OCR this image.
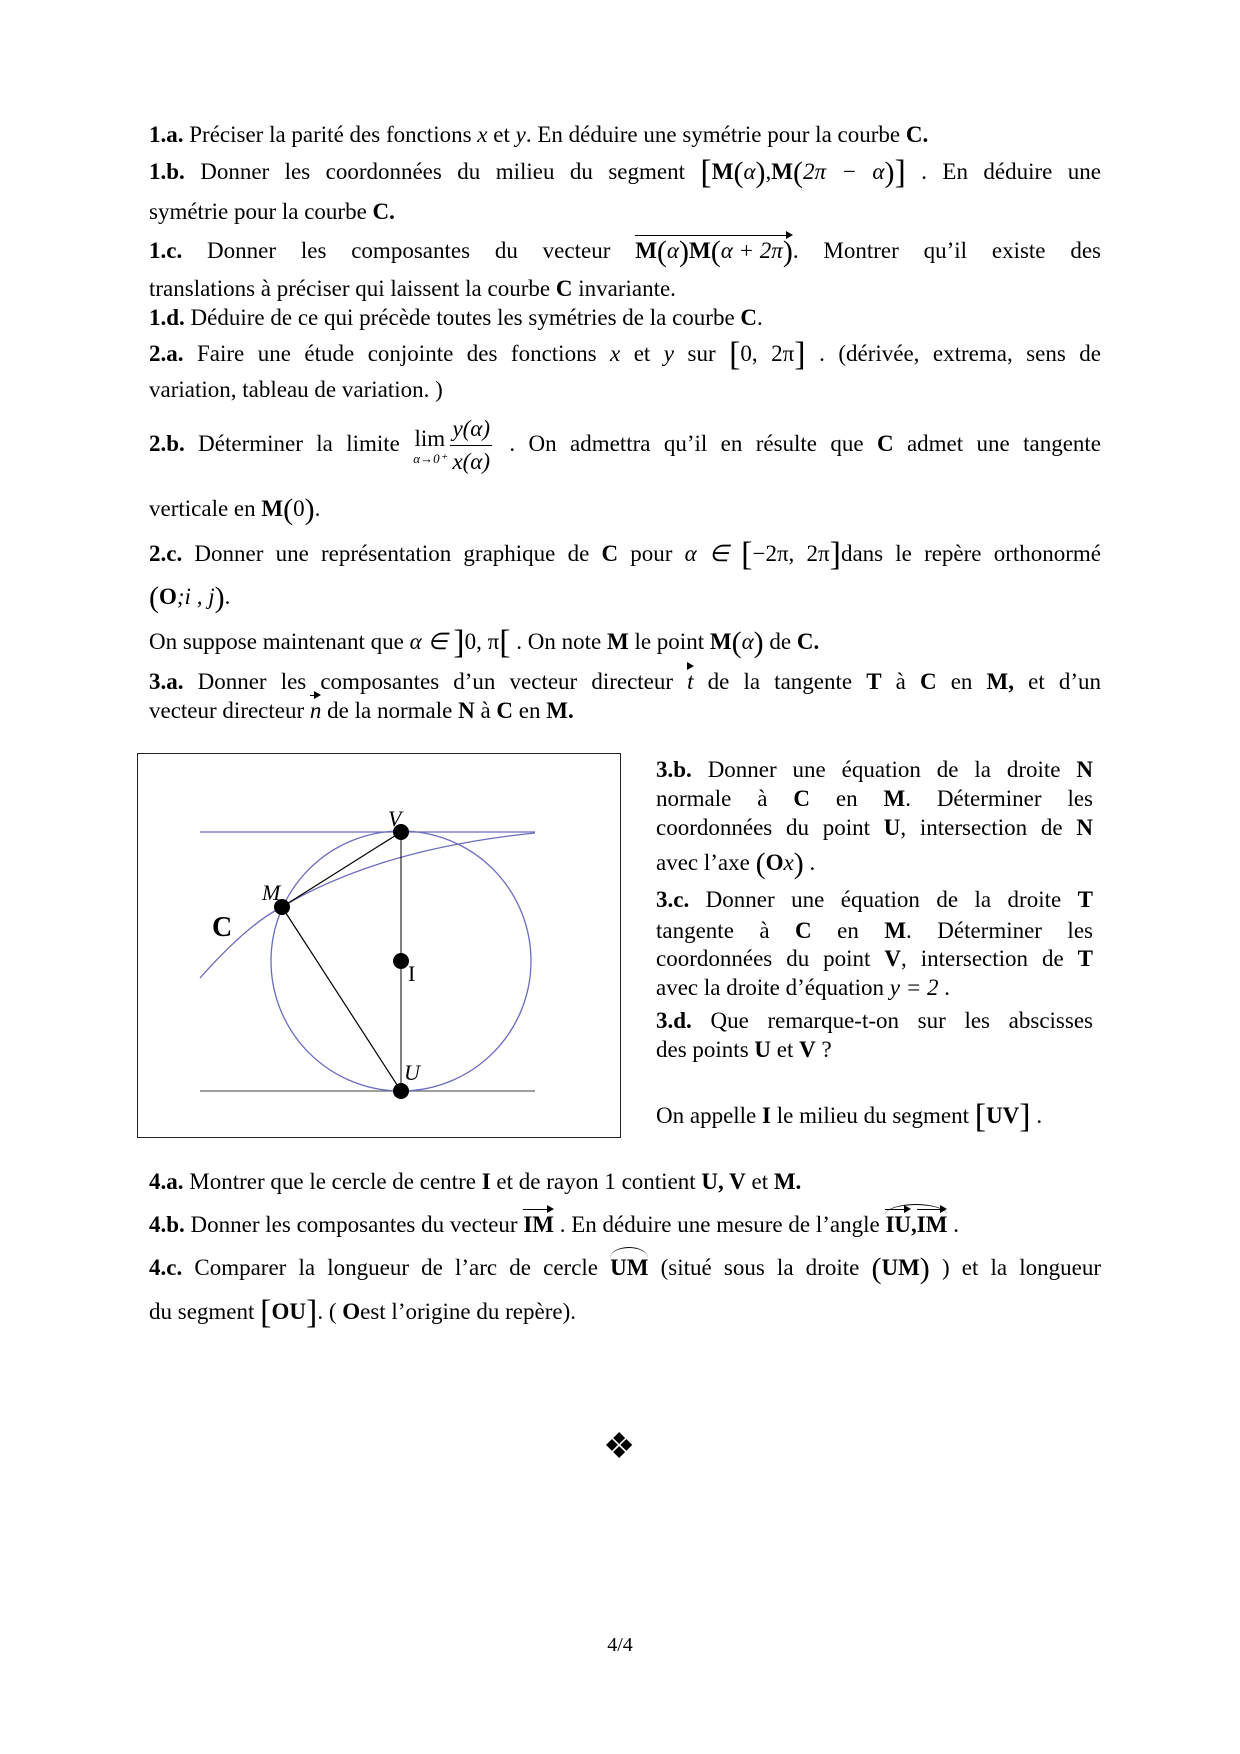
1.a. Préciser la parité des fonctions x et y. En déduire une symétrie pour la courbe C.
1.b. Donner les coordonnées du milieu du segment [M(α),M(2π − α)] . En déduire une
symétrie pour la courbe C.
1.c. Donner les composantes du vecteur M(α)M(α + 2π). Montrer qu’il existe des
translations à préciser qui laissent la courbe C invariante.
1.d. Déduire de ce qui précède toutes les symétries de la courbe C.
2.a. Faire une étude conjointe des fonctions x et y sur [0, 2π] . (dérivée, extrema, sens de
variation, tableau de variation. )
2.b. Déterminer la limite lim
$\alpha\to 0^+ \frac{y(\alpha)}{x(\alpha)}$ . On admettra qu’il en résulte que C admet une tangente
verticale en M(0).
2.c. Donner une représentation graphique de C pour α ∈ [−2π, 2π]dans le repère orthonormé
(O;i , j).
On suppose maintenant que α ∈ ]0, π[ . On note M le point M(α) de C.
3.a. Donner les composantes d’un vecteur directeur t de la tangente T à C en M, et d’un
vecteur directeur n de la normale N à C en M.
V
M
C
I
U
3.b. Donner une équation de la droite N
normale à C en M. Déterminer les
coordonnées du point U, intersection de N
avec l’axe (Ox) .
3.c. Donner une équation de la droite T
tangente à C en M. Déterminer les
coordonnées du point V, intersection de T
avec la droite d’équation y = 2 .
3.d. Que remarque-t-on sur les abscisses
des points U et V ?
On appelle I le milieu du segment [UV] .
4.a. Montrer que le cercle de centre I et de rayon 1 contient U, V et M.
4.b. Donner les composantes du vecteur IM . En déduire une mesure de l’angle IU,IM .
4.c. Comparer la longueur de l’arc de cercle UM (situé sous la droite (UM) ) et la longueur
du segment [OU]. ( Oest l’origine du repère).
❖
4/4
